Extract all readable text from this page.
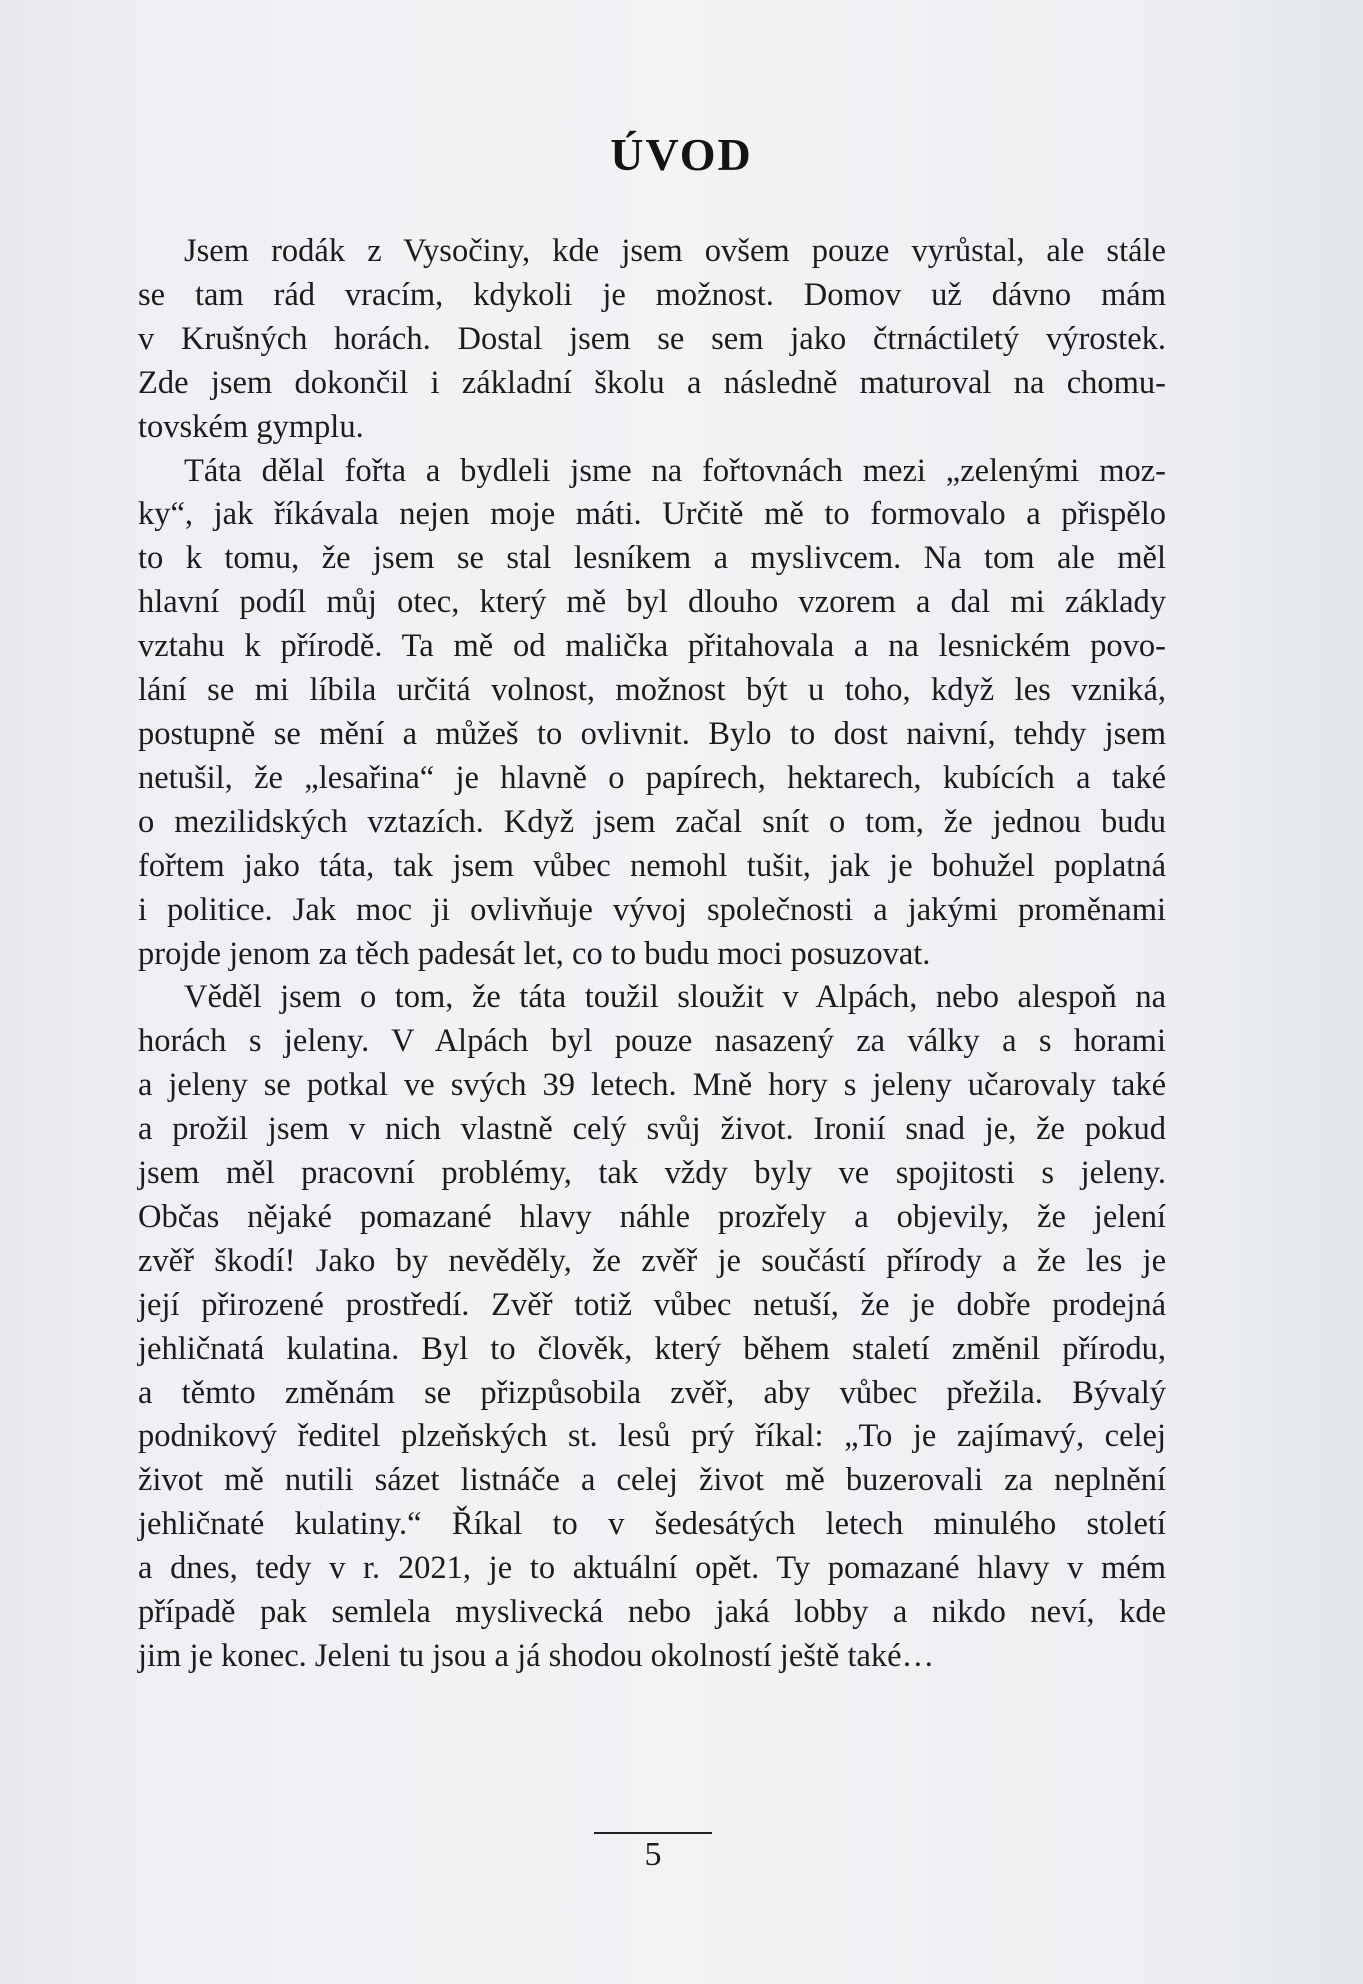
ÚVOD
Jsem rodák z Vysočiny, kde jsem ovšem pouze vyrůstal, ale stále
se tam rád vracím, kdykoli je možnost. Domov už dávno mám
v Krušných horách. Dostal jsem se sem jako čtrnáctiletý výrostek.
Zde jsem dokončil i základní školu a následně maturoval na chomu-
tovském gymplu.
Táta dělal fořta a bydleli jsme na fořtovnách mezi „zelenými moz-
ky“, jak říkávala nejen moje máti. Určitě mě to formovalo a přispělo
to k tomu, že jsem se stal lesníkem a myslivcem. Na tom ale měl
hlavní podíl můj otec, který mě byl dlouho vzorem a dal mi základy
vztahu k přírodě. Ta mě od malička přitahovala a na lesnickém povo-
lání se mi líbila určitá volnost, možnost být u toho, když les vzniká,
postupně se mění a můžeš to ovlivnit. Bylo to dost naivní, tehdy jsem
netušil, že „lesařina“ je hlavně o papírech, hektarech, kubících a také
o mezilidských vztazích. Když jsem začal snít o tom, že jednou budu
fořtem jako táta, tak jsem vůbec nemohl tušit, jak je bohužel poplatná
i politice. Jak moc ji ovlivňuje vývoj společnosti a jakými proměnami
projde jenom za těch padesát let, co to budu moci posuzovat.
Věděl jsem o tom, že táta toužil sloužit v Alpách, nebo alespoň na
horách s jeleny. V Alpách byl pouze nasazený za války a s horami
a jeleny se potkal ve svých 39 letech. Mně hory s jeleny učarovaly také
a prožil jsem v nich vlastně celý svůj život. Ironií snad je, že pokud
jsem měl pracovní problémy, tak vždy byly ve spojitosti s jeleny.
Občas nějaké pomazané hlavy náhle prozřely a objevily, že jelení
zvěř škodí! Jako by nevěděly, že zvěř je součástí přírody a že les je
její přirozené prostředí. Zvěř totiž vůbec netuší, že je dobře prodejná
jehličnatá kulatina. Byl to člověk, který během staletí změnil přírodu,
a těmto změnám se přizpůsobila zvěř, aby vůbec přežila. Bývalý
podnikový ředitel plzeňských st. lesů prý říkal: „To je zajímavý, celej
život mě nutili sázet listnáče a celej život mě buzerovali za neplnění
jehličnaté kulatiny.“ Říkal to v šedesátých letech minulého století
a dnes, tedy v r. 2021, je to aktuální opět. Ty pomazané hlavy v mém
případě pak semlela myslivecká nebo jaká lobby a nikdo neví, kde
jim je konec. Jeleni tu jsou a já shodou okolností ještě také…
5
